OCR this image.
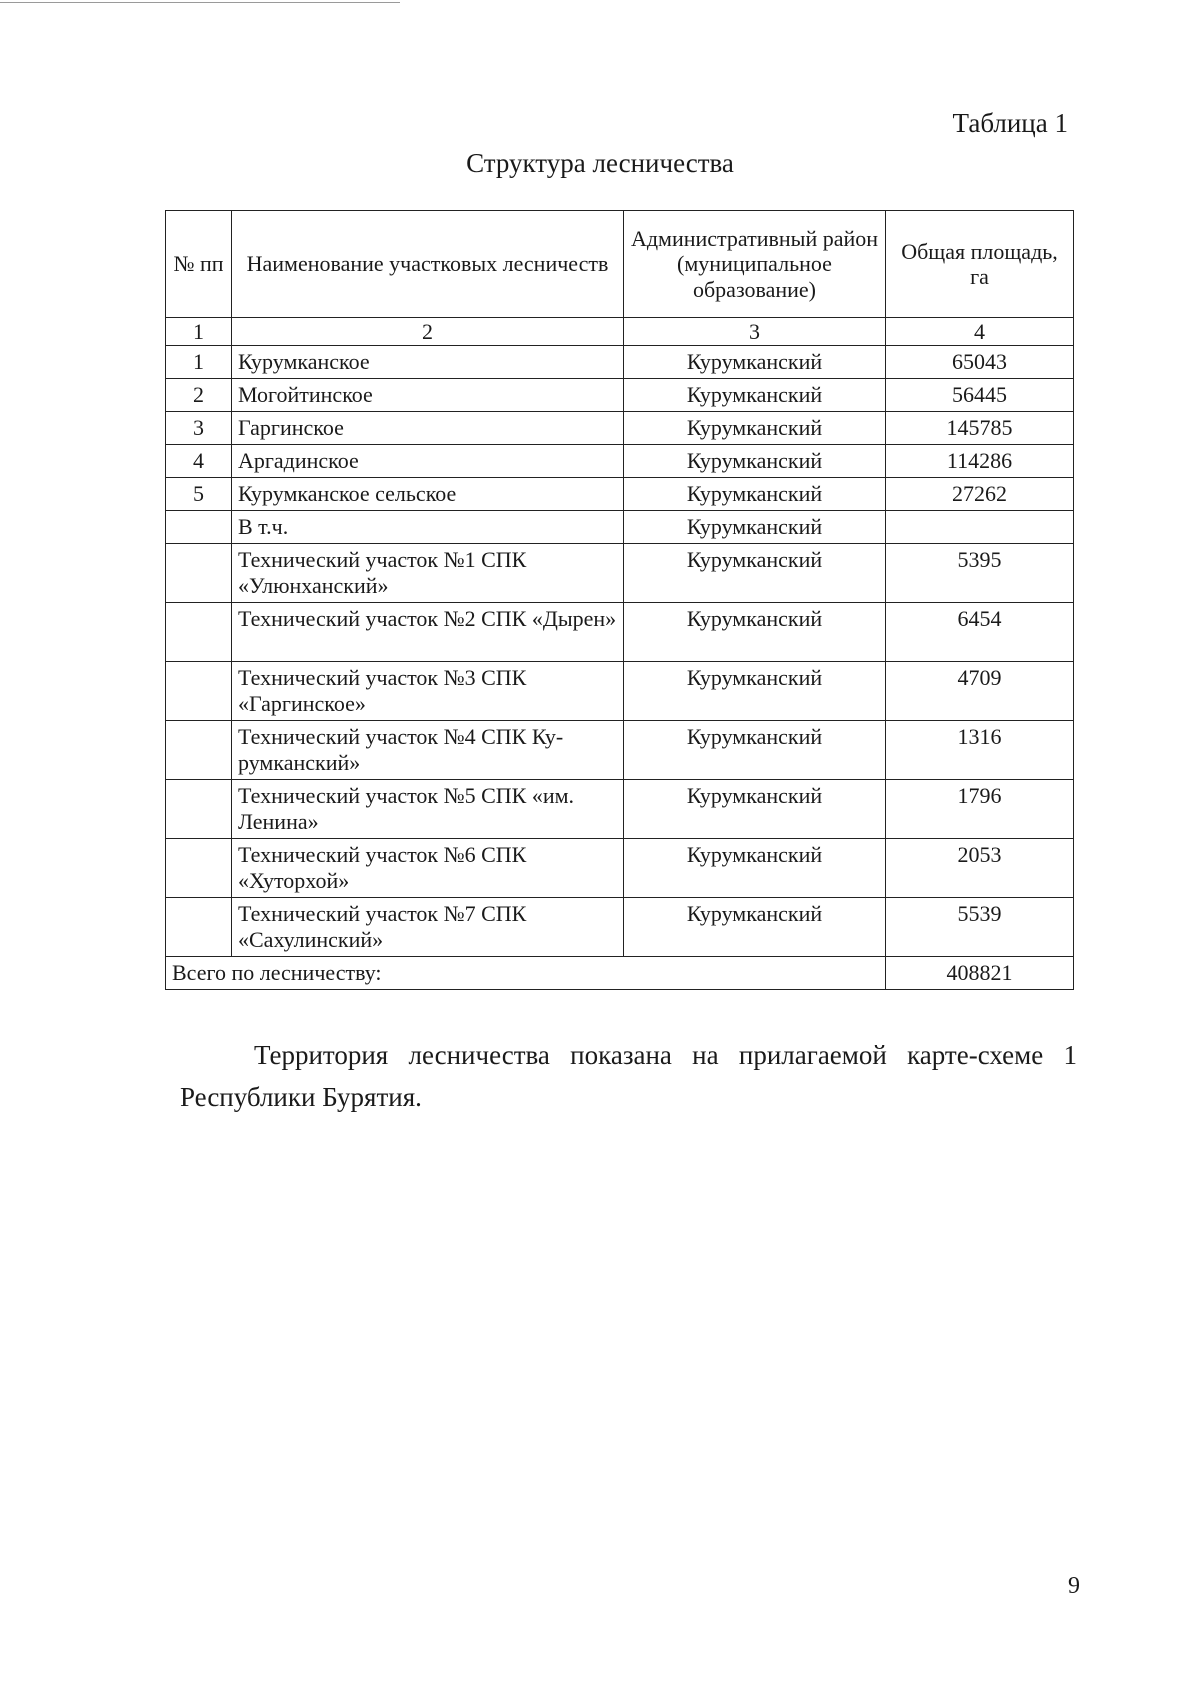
Таблица 1
Структура лесничества
№ пп	Наименование участковых лесничеств	Административный район (муниципальное образование)	Общая площадь, га
1	2	3	4
1	Курумканское	Курумканский	65043
2	Могойтинское	Курумканский	56445
3	Гаргинское	Курумканский	145785
4	Аргадинское	Курумканский	114286
5	Курумканское сельское	Курумканский	27262
	В т.ч.	Курумканский	
	Технический участок №1 СПК «Улюнханский»	Курумканский	5395
	Технический участок №2 СПК «Дырен»	Курумканский	6454
	Технический участок №3 СПК «Гаргинское»	Курумканский	4709
	Технический участок №4 СПК Ку-румканский»	Курумканский	1316
	Технический участок №5 СПК «им. Ленина»	Курумканский	1796
	Технический участок №6 СПК «Хуторхой»	Курумканский	2053
	Технический участок №7 СПК «Сахулинский»	Курумканский	5539
Всего по лесничеству:			408821
Территория лесничества показана на прилагаемой карте-схеме 1
Республики Бурятия.
9
